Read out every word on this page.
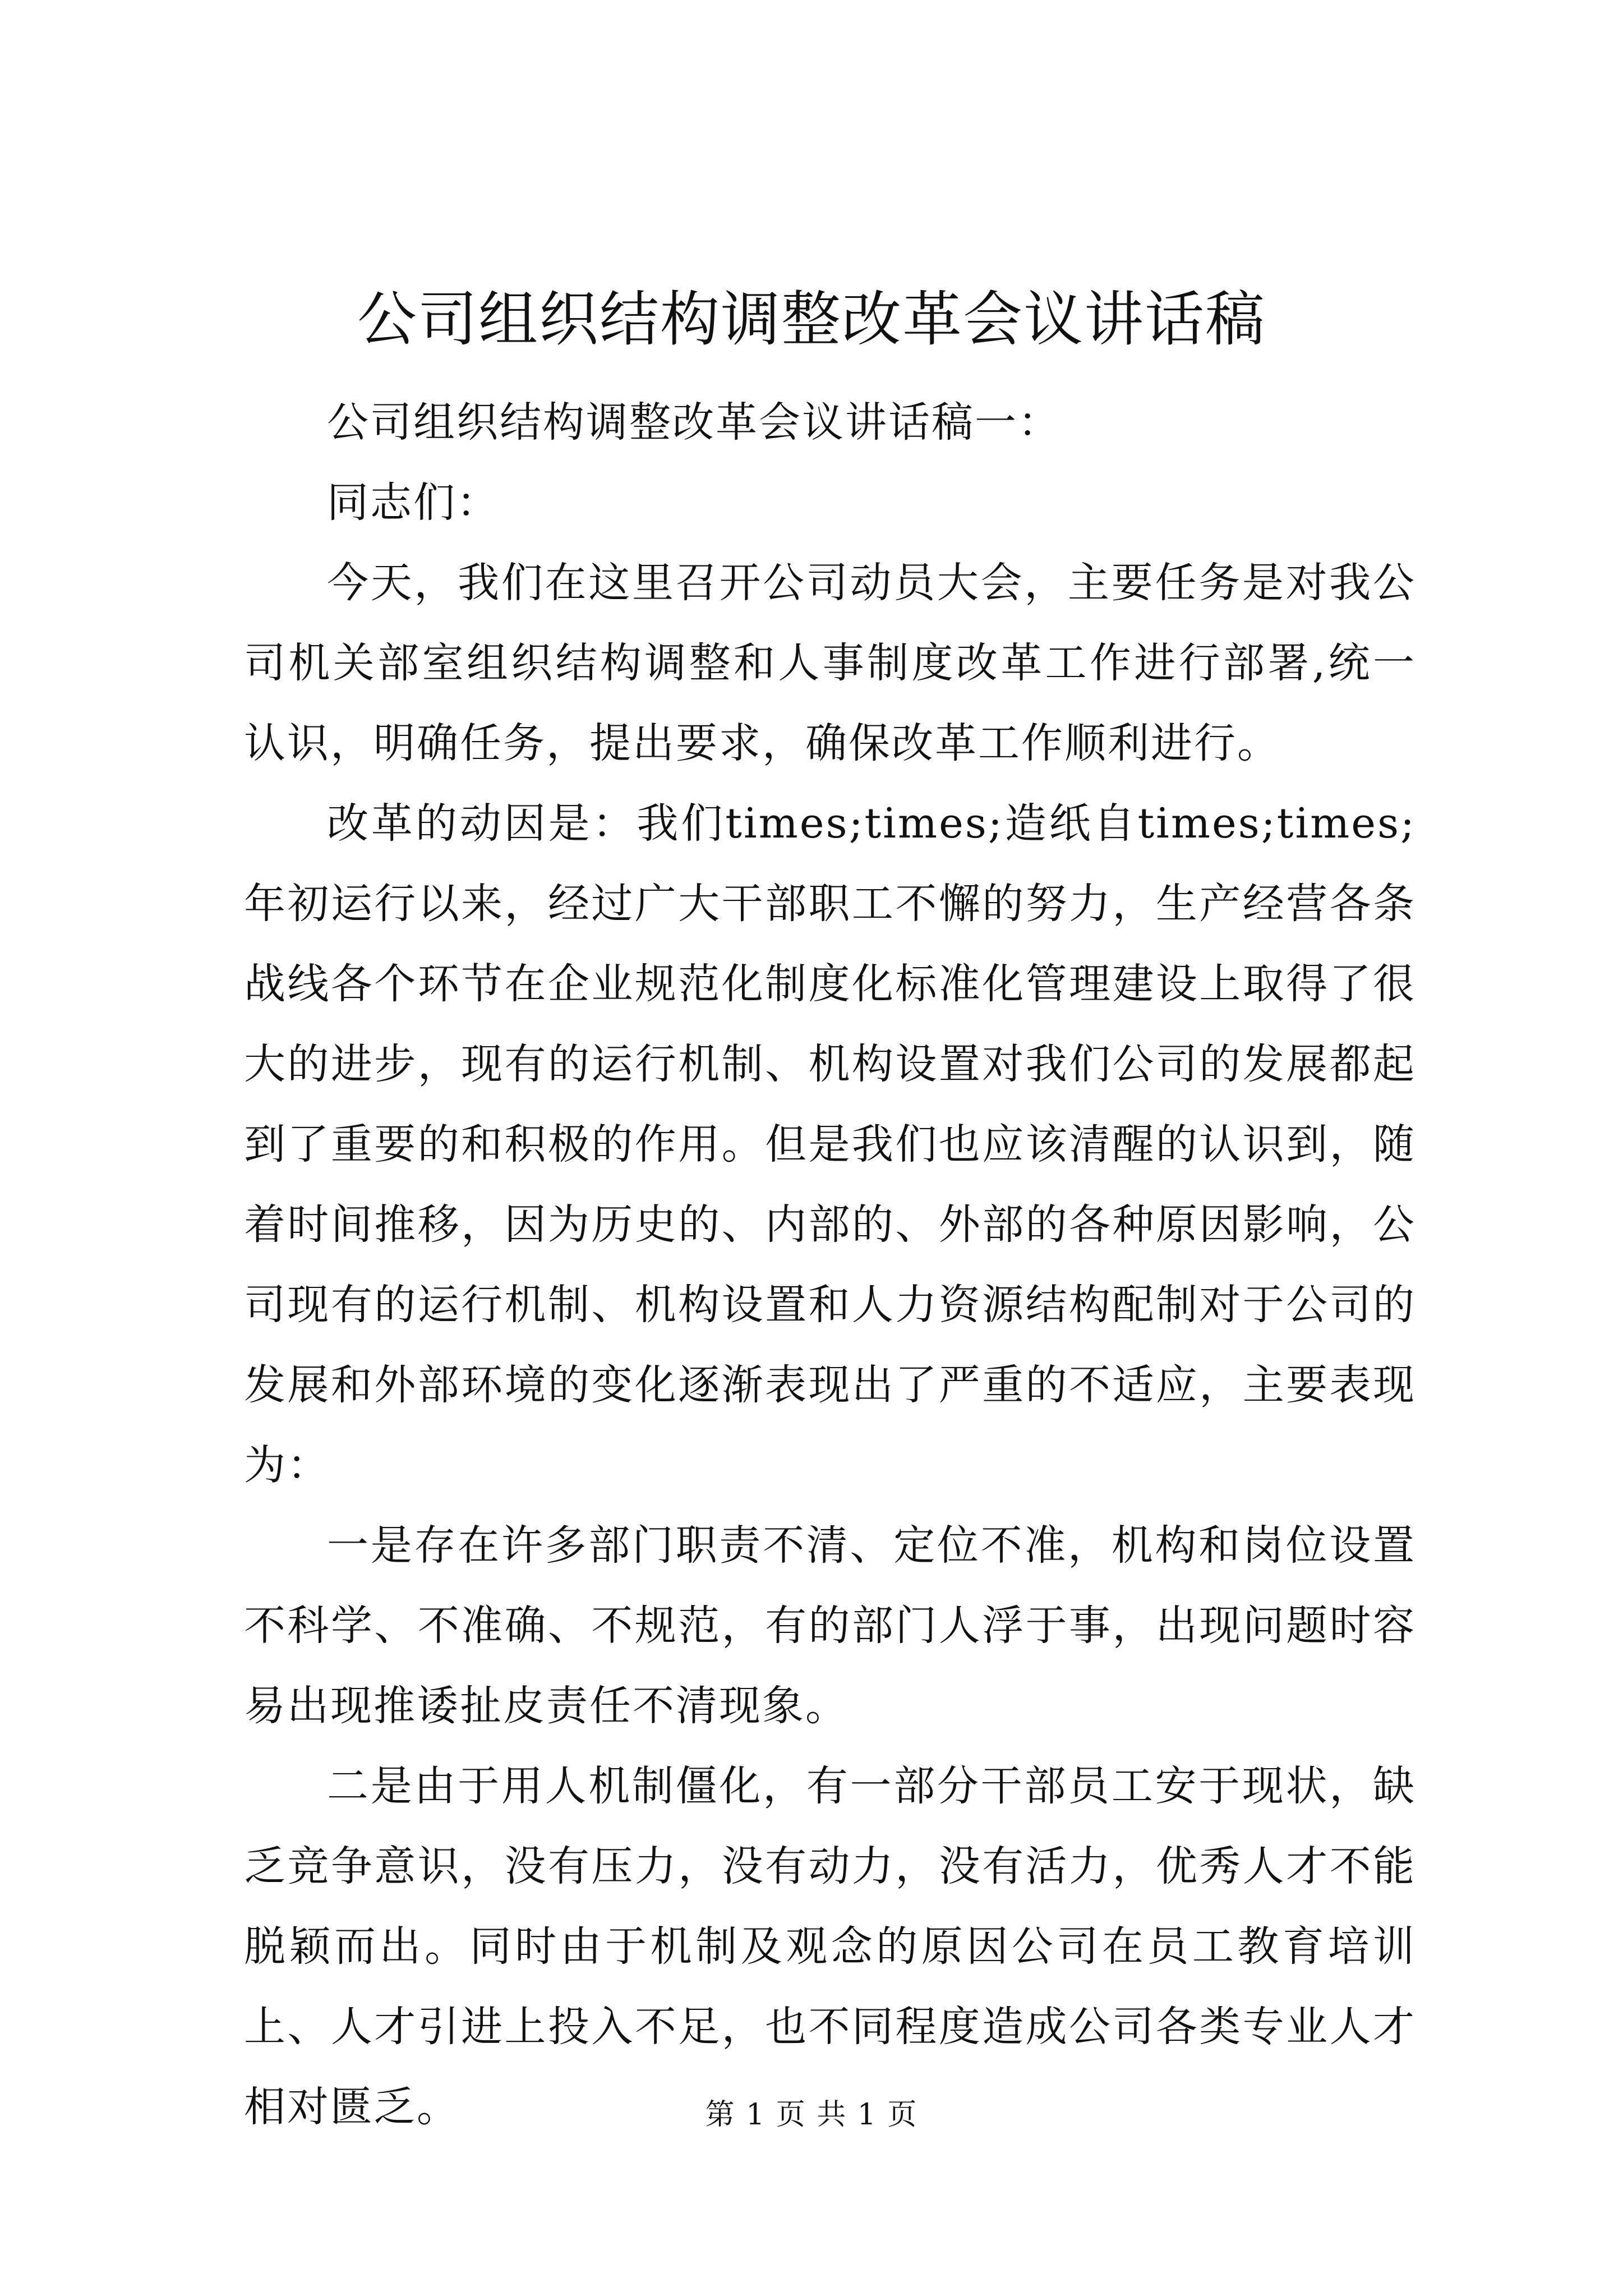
公司组织结构调整改革会议讲话稿

公司组织结构调整改革会议讲话稿一：

同志们：

今天，我们在这里召开公司动员大会，主要任务是对我公司机关部室组织结构调整和人事制度改革工作进行部署,统一认识，明确任务，提出要求，确保改革工作顺利进行。

改革的动因是：我们times;times;造纸自times;times;年初运行以来，经过广大干部职工不懈的努力，生产经营各条战线各个环节在企业规范化制度化标准化管理建设上取得了很大的进步，现有的运行机制、机构设置对我们公司的发展都起到了重要的和积极的作用。但是我们也应该清醒的认识到，随着时间推移，因为历史的、内部的、外部的各种原因影响，公司现有的运行机制、机构设置和人力资源结构配制对于公司的发展和外部环境的变化逐渐表现出了严重的不适应，主要表现为：

一是存在许多部门职责不清、定位不准，机构和岗位设置不科学、不准确、不规范，有的部门人浮于事，出现问题时容易出现推诿扯皮责任不清现象。

二是由于用人机制僵化，有一部分干部员工安于现状，缺乏竞争意识，没有压力，没有动力，没有活力，优秀人才不能脱颖而出。同时由于机制及观念的原因公司在员工教育培训上、人才引进上投入不足，也不同程度造成公司各类专业人才相对匮乏。	第 1 页 共 1 页
